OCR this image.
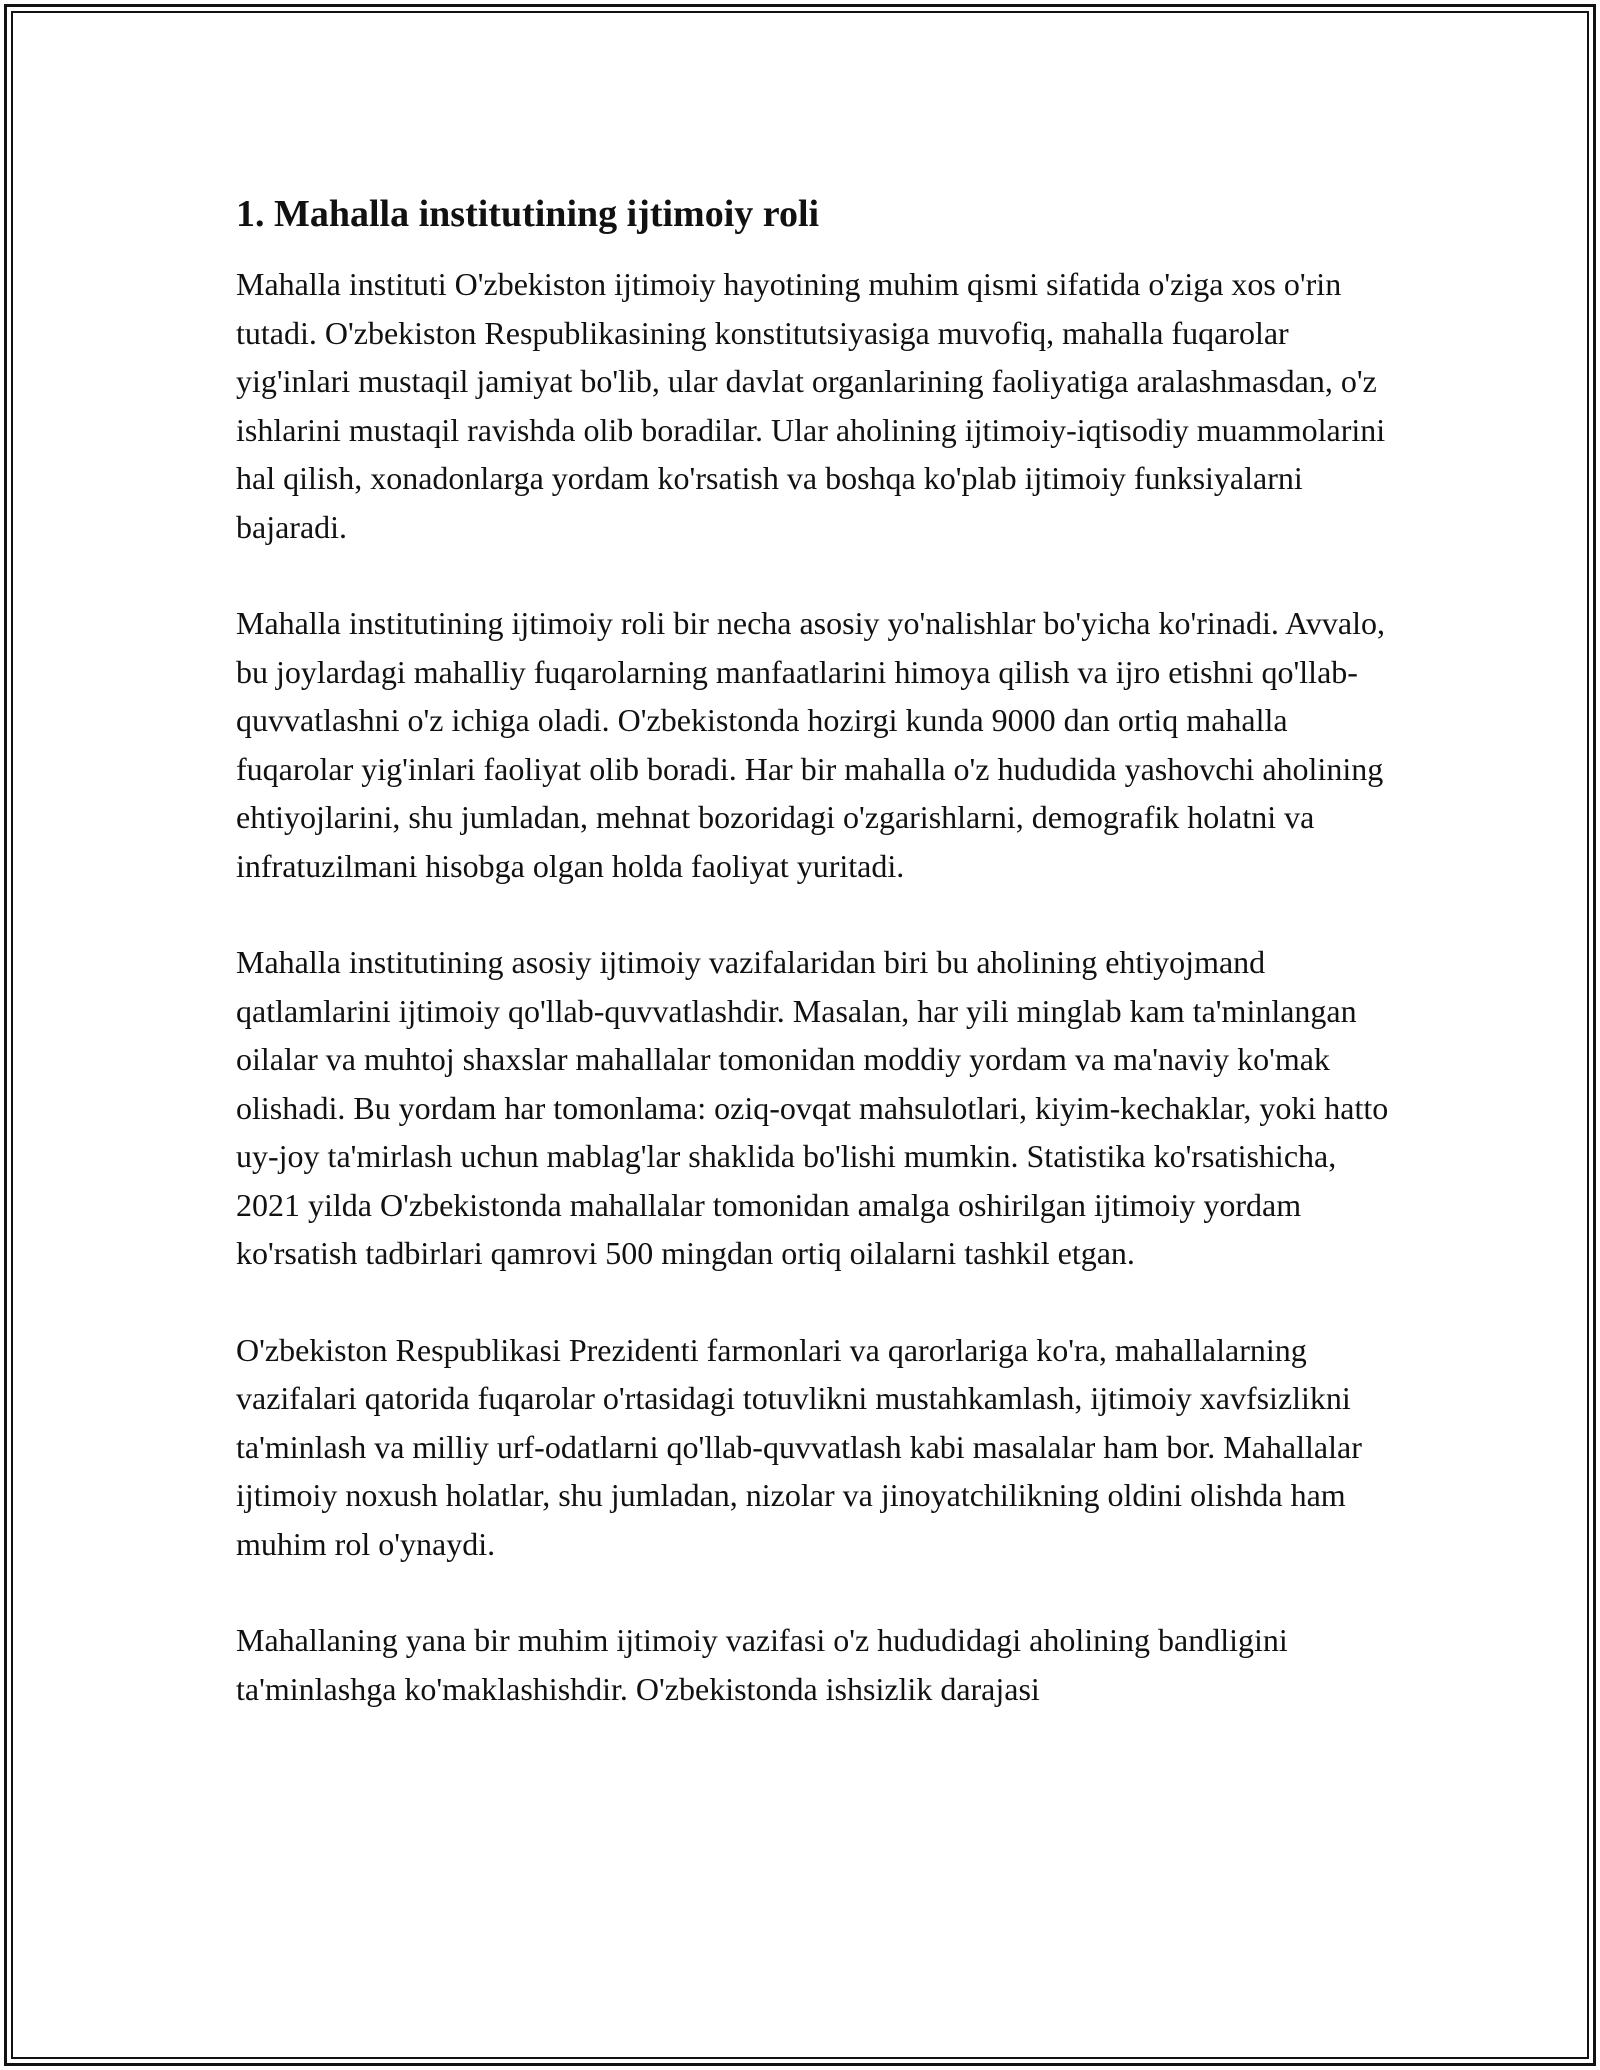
1. Mahalla institutining ijtimoiy roli

Mahalla instituti O'zbekiston ijtimoiy hayotining muhim qismi sifatida o'ziga xos o'rin tutadi. O'zbekiston Respublikasining konstitutsiyasiga muvofiq, mahalla fuqarolar yig'inlari mustaqil jamiyat bo'lib, ular davlat organlarining faoliyatiga aralashmasdan, o'z ishlarini mustaqil ravishda olib boradilar. Ular aholining ijtimoiy-iqtisodiy muammolarini hal qilish, xonadonlarga yordam ko'rsatish va boshqa ko'plab ijtimoiy funksiyalarni bajaradi.

Mahalla institutining ijtimoiy roli bir necha asosiy yo'nalishlar bo'yicha ko'rinadi. Avvalo, bu joylardagi mahalliy fuqarolarning manfaatlarini himoya qilish va ijro etishni qo'llab-quvvatlashni o'z ichiga oladi. O'zbekistonda hozirgi kunda 9000 dan ortiq mahalla fuqarolar yig'inlari faoliyat olib boradi. Har bir mahalla o'z hududida yashovchi aholining ehtiyojlarini, shu jumladan, mehnat bozoridagi o'zgarishlarni, demografik holatni va infratuzilmani hisobga olgan holda faoliyat yuritadi.

Mahalla institutining asosiy ijtimoiy vazifalaridan biri bu aholining ehtiyojmand qatlamlarini ijtimoiy qo'llab-quvvatlashdir. Masalan, har yili minglab kam ta'minlangan oilalar va muhtoj shaxslar mahallalar tomonidan moddiy yordam va ma'naviy ko'mak olishadi. Bu yordam har tomonlama: oziq-ovqat mahsulotlari, kiyim-kechaklar, yoki hatto uy-joy ta'mirlash uchun mablag'lar shaklida bo'lishi mumkin. Statistika ko'rsatishicha, 2021 yilda O'zbekistonda mahallalar tomonidan amalga oshirilgan ijtimoiy yordam ko'rsatish tadbirlari qamrovi 500 mingdan ortiq oilalarni tashkil etgan.

O'zbekiston Respublikasi Prezidenti farmonlari va qarorlariga ko'ra, mahallalarning vazifalari qatorida fuqarolar o'rtasidagi totuvlikni mustahkamlash, ijtimoiy xavfsizlikni ta'minlash va milliy urf-odatlarni qo'llab-quvvatlash kabi masalalar ham bor. Mahallalar ijtimoiy noxush holatlar, shu jumladan, nizolar va jinoyatchilikning oldini olishda ham muhim rol o'ynaydi.

Mahallaning yana bir muhim ijtimoiy vazifasi o'z hududidagi aholining bandligini ta'minlashga ko'maklashishdir. O'zbekistonda ishsizlik darajasi
